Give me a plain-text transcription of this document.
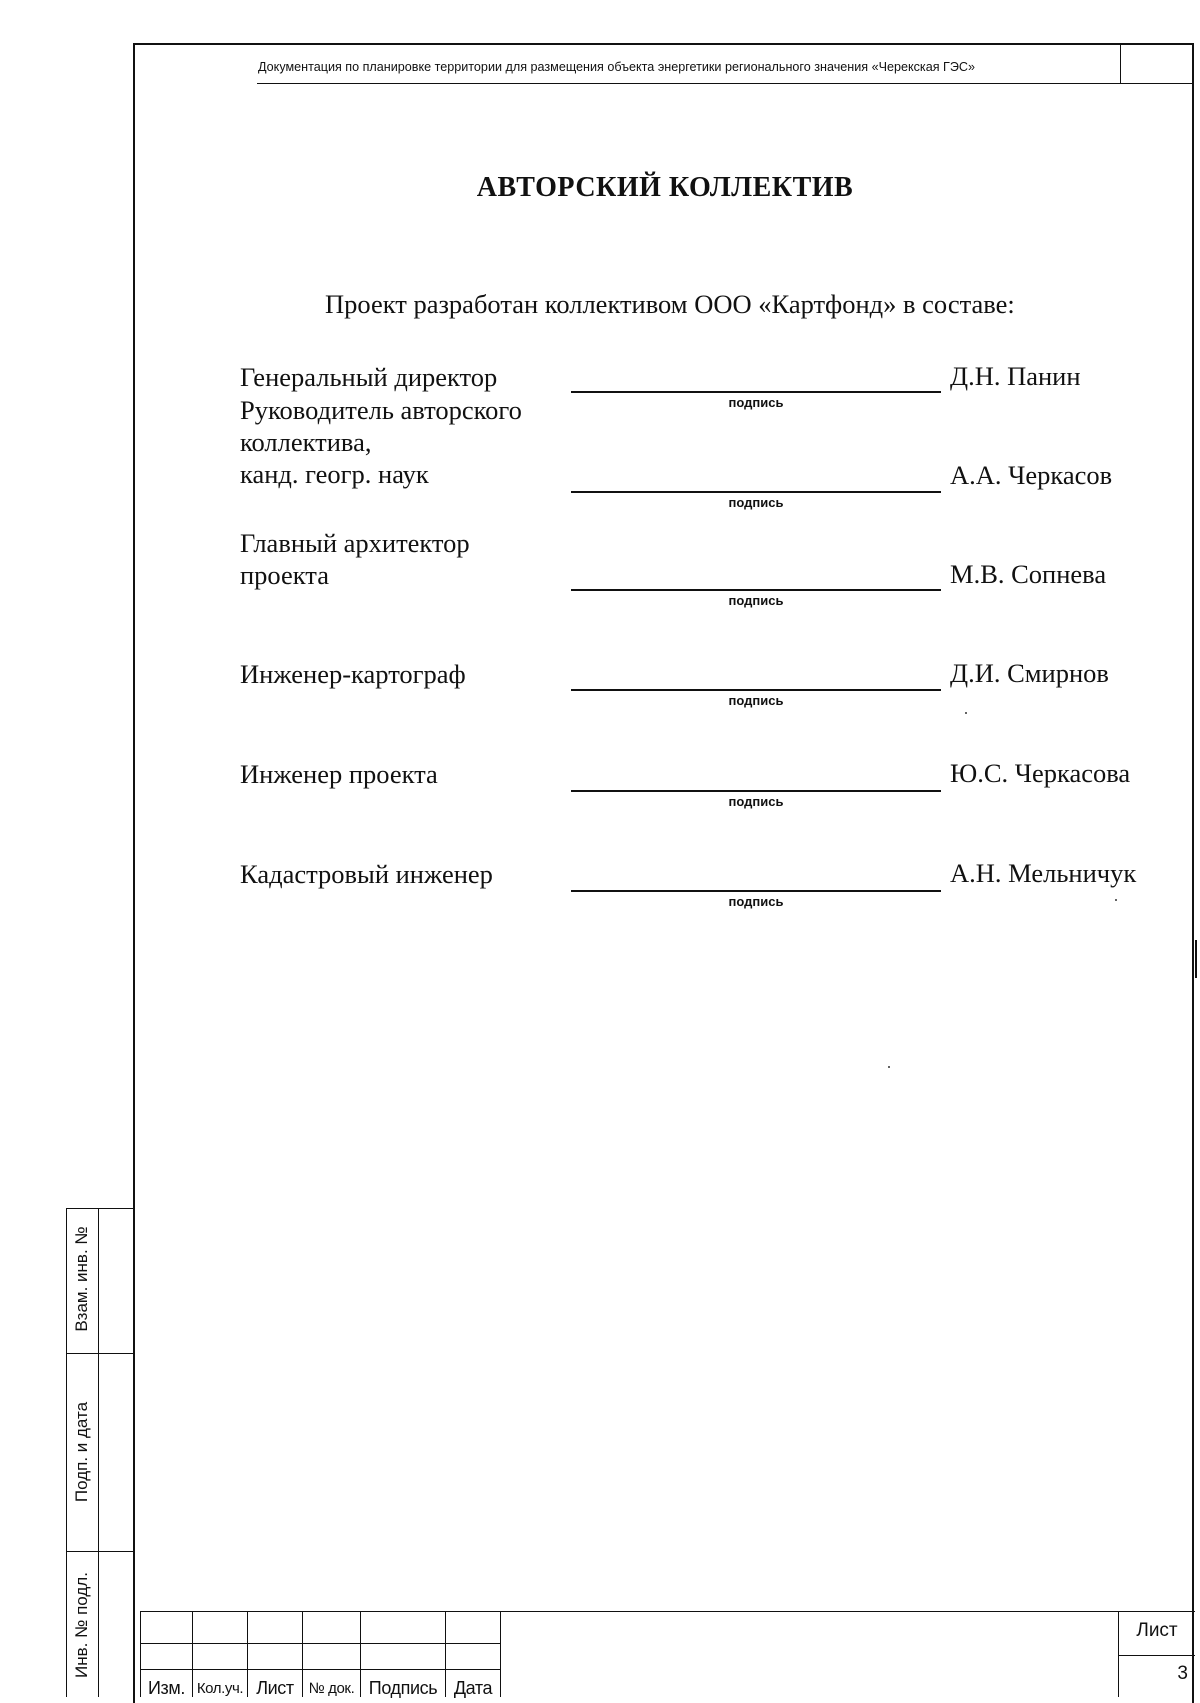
Документация по планировке территории для размещения объекта энергетики регионального значения «Черекская ГЭС»
АВТОРСКИЙ КОЛЛЕКТИВ
Проект разработан коллективом ООО «Картфонд» в составе:
Генеральный директор
подпись
Д.Н. Панин
Руководитель авторского
коллектива,
канд. геогр. наук
подпись
А.А. Черкасов
Главный архитектор
проекта
подпись
М.В. Сопнева
Инженер-картограф
подпись
Д.И. Смирнов
Инженер проекта
подпись
Ю.С. Черкасова
Кадастровый инженер
подпись
А.Н. Мельничук
Взам. инв. №
Подп. и дата
Инв. № подл.
Изм. Кол.уч. Лист № док. Подпись Дата
Лист
3
